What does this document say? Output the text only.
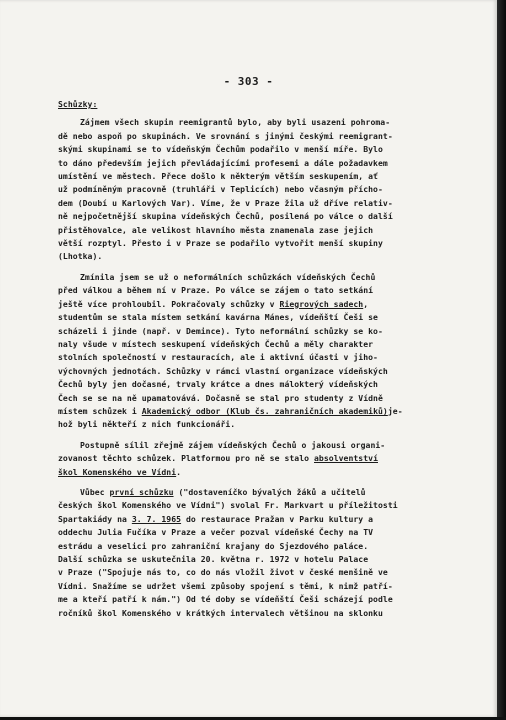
- 303 -
Schůzky:
Zájmem všech skupin reemigrantů bylo, aby byli usazeni pohroma-
dě nebo aspoň po skupinách. Ve srovnání s jinými českými reemigrant-
skými skupinami se to vídeňským Čechům podařilo v menší míře. Bylo
to dáno především jejich převládajícími profesemi a dále požadavkem
umístění ve městech. Přece došlo k některým větším seskupením, ať
už podmíněným pracovně (truhláři v Teplicích) nebo včasným přícho-
dem (Doubí u Karlových Var). Víme, že v Praze žila už dříve relativ-
ně nejpočetnější skupina vídeňských Čechů, posilená po válce o další
přistěhovalce, ale velikost hlavního města znamenala zase jejich
větší rozptyl. Přesto i v Praze se podařilo vytvořit menší skupiny
(Lhotka).
Zmínila jsem se už o neformálních schůzkách vídeňských Čechů
před válkou a během ní v Praze. Po válce se zájem o tato setkání
ještě více prohloubil. Pokračovaly schůzky v Riegrových sadech,
studentům se stala místem setkání kavárna Mánes, vídeňští Češi se
scházeli i jinde (např. v Demince). Tyto neformální schůzky se ko-
naly všude v místech seskupení vídeňských Čechů a měly charakter
stolních společností v restauracích, ale i aktivní účasti v jiho-
výchovných jednotách. Schůzky v rámci vlastní organizace vídeňských
Čechů byly jen dočasné, trvaly krátce a dnes málokterý vídeňských
Čech se se na ně upamatovává. Dočasně se stal pro studenty z Vídně
místem schůzek i Akademický odbor (Klub čs. zahraničních akademiků)je-
hož byli někteří z nich funkcionáři.
Postupně sílil zřejmě zájem vídeňských Čechů o jakousi organi-
zovanost těchto schůzek. Platformou pro ně se stalo absolventství
škol Komenského ve Vídni.
Vůbec první schůzku ("dostaveníčko bývalých žáků a učitelů
českých škol Komenského ve Vídni") svolal Fr. Markvart u příležitosti
Spartakiády na 3. 7. 1965 do restaurace Pražan v Parku kultury a
oddechu Julia Fučíka v Praze a večer pozval vídeňské Čechy na TV
estrádu a veselici pro zahraniční krajany do Sjezdového paláce.
Další schůzka se uskutečnila 20. května r. 1972 v hotelu Palace
v Praze ("Spojuje nás to, co do nás vložil život v české menšině ve
Vídni. Snažíme se udržet všemi způsoby spojení s těmi, k nimž patří-
me a kteří patří k nám.") Od té doby se vídeňští Češi scházejí podle
ročníků škol Komenského v krátkých intervalech většinou na sklonku
